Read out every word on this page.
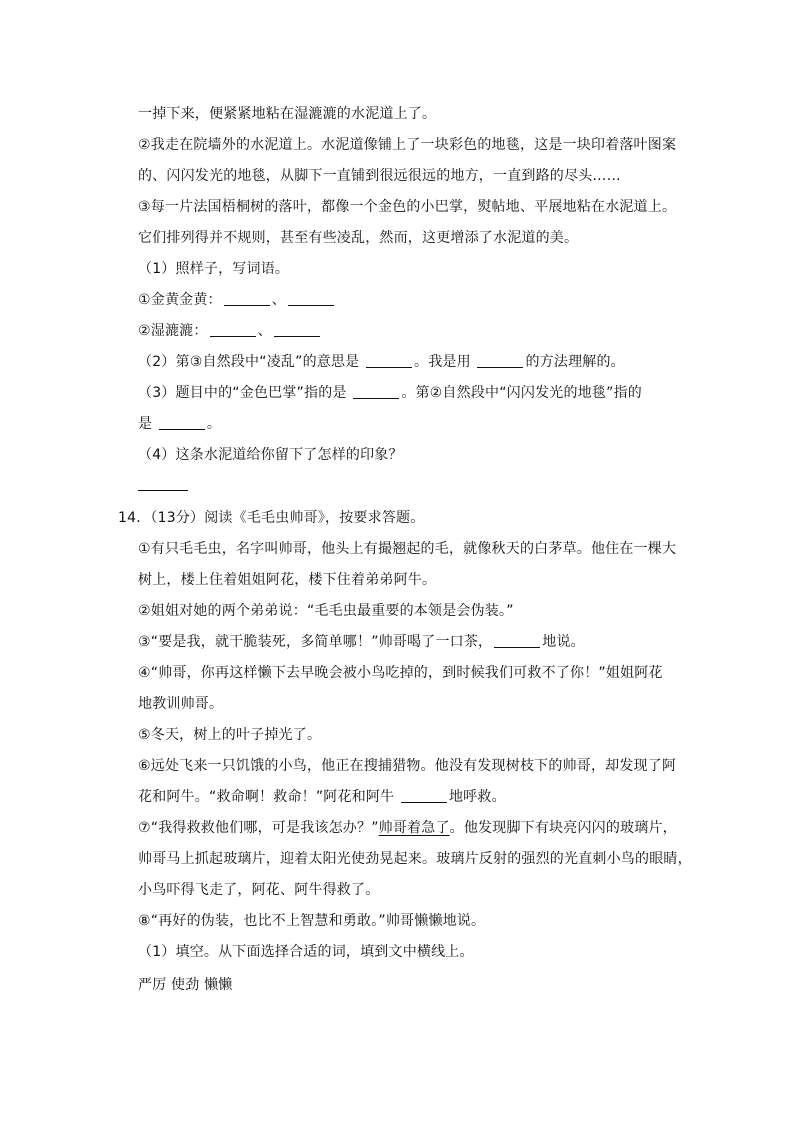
一掉下来，便紧紧地粘在湿漉漉的水泥道上了。
②我走在院墙外的水泥道上。水泥道像铺上了一块彩色的地毯，这是一块印着落叶图案
的、闪闪发光的地毯，从脚下一直铺到很远很远的地方，一直到路的尽头……
③每一片法国梧桐树的落叶，都像一个金色的小巴掌，熨帖地、平展地粘在水泥道上。
它们排列得并不规则，甚至有些凌乱，然而，这更增添了水泥道的美。
（1）照样子，写词语。
①金黄金黄：	、
②湿漉漉：	、
（2）第③自然段中“凌乱”的意思是	。我是用	的方法理解的。
（3）题目中的“金色巴掌”指的是	。第②自然段中“闪闪发光的地毯”指的
是	。
（4）这条水泥道给你留下了怎样的印象？
14．（13分）阅读《毛毛虫帅哥》，按要求答题。
①有只毛毛虫，名字叫帅哥，他头上有撮翘起的毛，就像秋天的白茅草。他住在一棵大
树上，楼上住着姐姐阿花，楼下住着弟弟阿牛。
②姐姐对她的两个弟弟说：“毛毛虫最重要的本领是会伪装。”
③“要是我，就干脆装死，多简单哪！”帅哥喝了一口茶，	地说。
④“帅哥，你再这样懒下去早晚会被小鸟吃掉的，到时候我们可救不了你！”姐姐阿花
地教训帅哥。
⑤冬天，树上的叶子掉光了。
⑥远处飞来一只饥饿的小鸟，他正在搜捕猎物。他没有发现树枝下的帅哥，却发现了阿
花和阿牛。“救命啊！救命！”阿花和阿牛	地呼救。
⑦“我得救救他们哪，可是我该怎办？”帅哥着急了。他发现脚下有块亮闪闪的玻璃片，
帅哥马上抓起玻璃片，迎着太阳光使劲晃起来。玻璃片反射的强烈的光直刺小鸟的眼睛，
小鸟吓得飞走了，阿花、阿牛得救了。
⑧“再好的伪装，也比不上智慧和勇敢。”帅哥懒懒地说。
（1）填空。从下面选择合适的词，填到文中横线上。
严厉 使劲 懒懒
